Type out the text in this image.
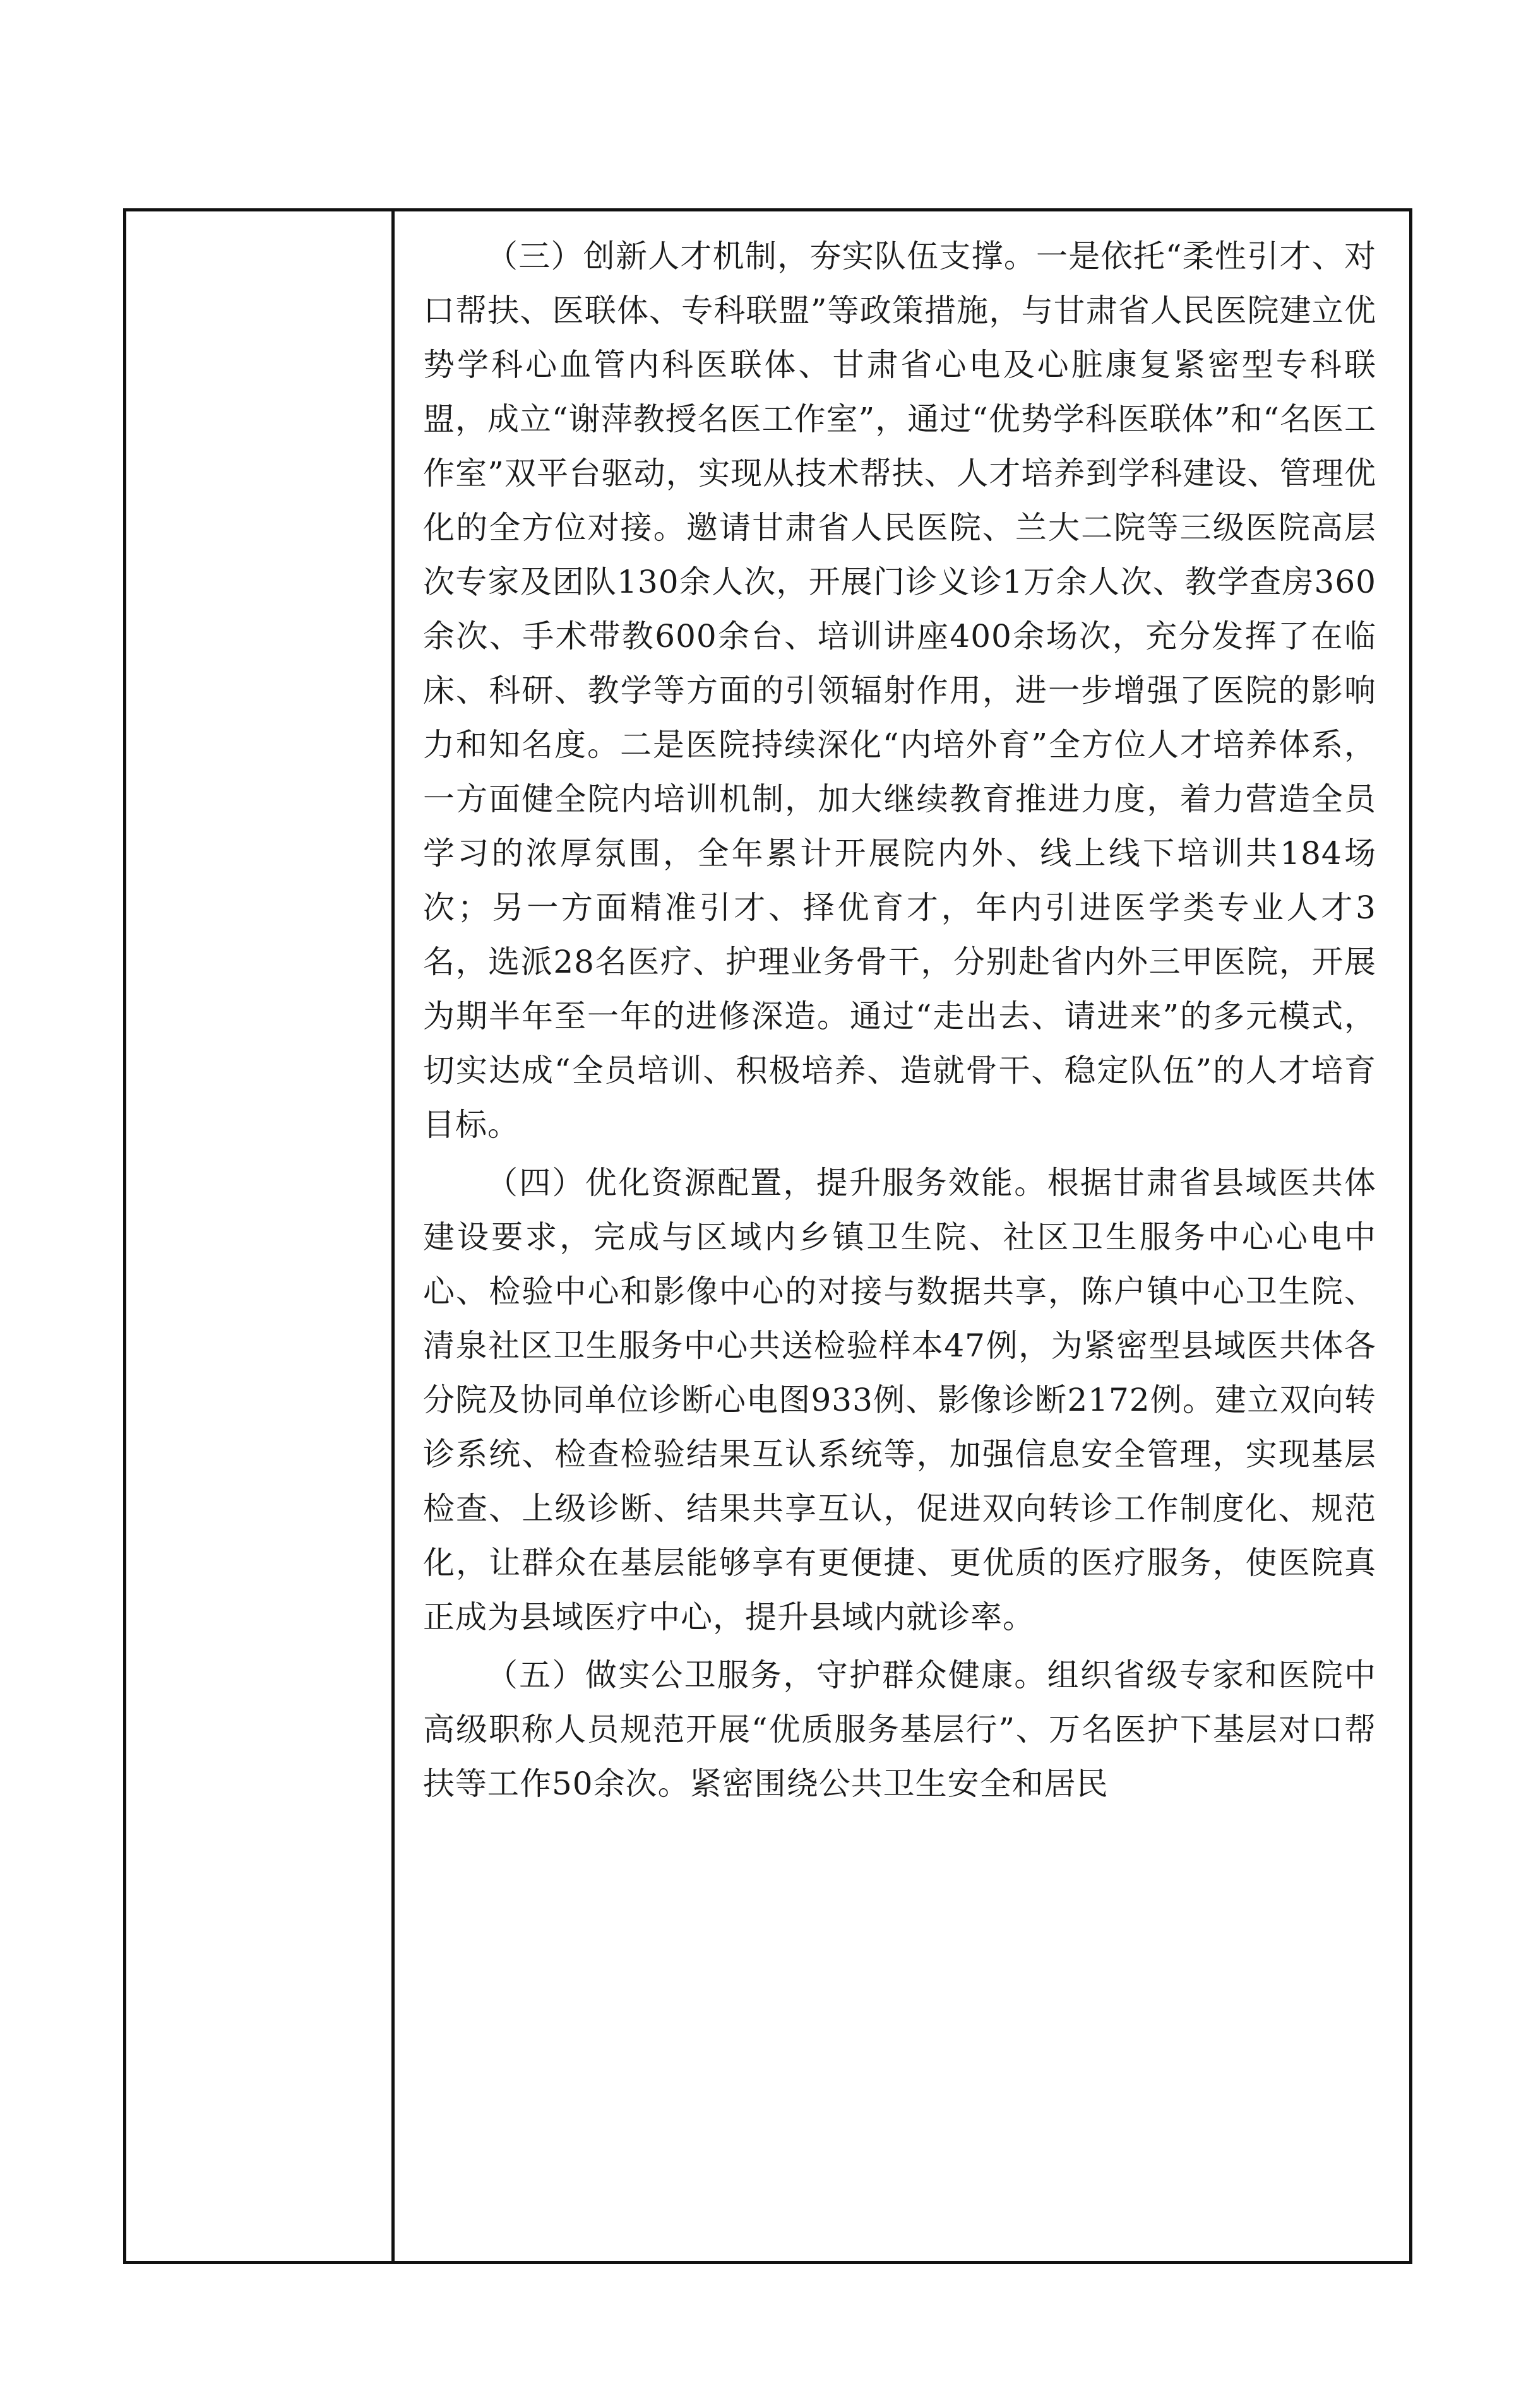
（三）创新人才机制，夯实队伍支撑。一是依托“柔性引才、对口帮扶、医联体、专科联盟”等政策措施，与甘肃省人民医院建立优势学科心血管内科医联体、甘肃省心电及心脏康复紧密型专科联盟，成立“谢萍教授名医工作室”，通过“优势学科医联体”和“名医工作室”双平台驱动，实现从技术帮扶、人才培养到学科建设、管理优化的全方位对接。邀请甘肃省人民医院、兰大二院等三级医院高层次专家及团队130余人次，开展门诊义诊1万余人次、教学查房360余次、手术带教600余台、培训讲座400余场次，充分发挥了在临床、科研、教学等方面的引领辐射作用，进一步增强了医院的影响力和知名度。二是医院持续深化“内培外育”全方位人才培养体系，一方面健全院内培训机制，加大继续教育推进力度，着力营造全员学习的浓厚氛围，全年累计开展院内外、线上线下培训共184场次；另一方面精准引才、择优育才，年内引进医学类专业人才3名，选派28名医疗、护理业务骨干，分别赴省内外三甲医院，开展为期半年至一年的进修深造。通过“走出去、请进来”的多元模式，切实达成“全员培训、积极培养、造就骨干、稳定队伍”的人才培育目标。

（四）优化资源配置，提升服务效能。根据甘肃省县域医共体建设要求，完成与区域内乡镇卫生院、社区卫生服务中心心电中心、检验中心和影像中心的对接与数据共享，陈户镇中心卫生院、清泉社区卫生服务中心共送检验样本47例，为紧密型县域医共体各分院及协同单位诊断心电图933例、影像诊断2172例。建立双向转诊系统、检查检验结果互认系统等，加强信息安全管理，实现基层检查、上级诊断、结果共享互认，促进双向转诊工作制度化、规范化，让群众在基层能够享有更便捷、更优质的医疗服务，使医院真正成为县域医疗中心，提升县域内就诊率。

（五）做实公卫服务，守护群众健康。组织省级专家和医院中高级职称人员规范开展“优质服务基层行”、万名医护下基层对口帮扶等工作50余次。紧密围绕公共卫生安全和居民
